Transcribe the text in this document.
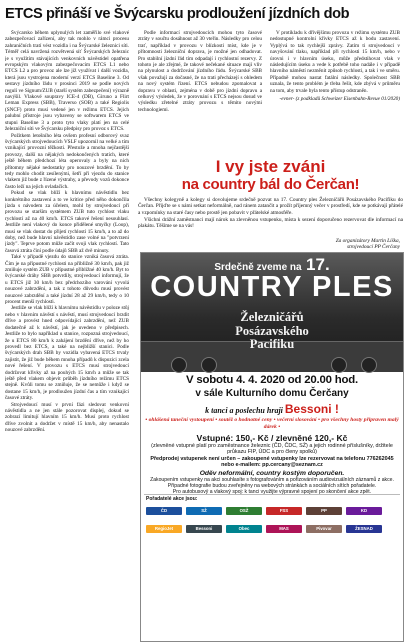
ETCS přináší ve Švýcarsku prodloužení jízdních dob

Švýcarsko během uplynulých let zaměřilo své vlakové zabezpečovací zařízení, aby tak mohlo v rámci procesu zahraničních tratí vést vozidla i na Švýcarské železnici síti. Téměř celá navržená rozvětvená síť Švýcarských železnic je s využitím stávajících venkovních návěstidel opatřena evropským vlakovým zabezpečovacím ETCS L1 nebo ETCS L2 a pro provoz ale lze již využívat i další vozidla, která jsou vystrojena moderní verzí ETCS Baseline 3. Od sestavy jízdního řádu v prosinci 2019 se podle nových regulí ve Signum/ZUB (starší systém zabezpečení) výrazně navýšil. Vlakové soupravy ICE-4 (DB), Giruno a Flirt Leman Express (SBB), Traverso (SOB) a také Regiolis (SNCF) proto musí vedené jen v režimu ETCS. Jejich palubní přístroje jsou vybaveny se softwarem ETCS ve stupni Baseline 3 a proto tyto vlaky platí jen na celé železniční síti ve Švýcarsku předpisy pro provoz s ETCS.

Požitkem letošního léta ovšem profesní odborový svaz švýcarských strojvedoucích VSLF upozornil na velké a tím vznikající provozní těžkosti. Přestože a mnoha nejčastější provozy, další na nějakých nedokončených tratích, které ještě během předchozí léta operovaly a byly na nich přítomny nějaké nedostatky pro nouzové brzdění. To by tedy mohlo chodit zesílenými, šetří při vjezdu do stanice vlakem již bude z řízené výstrahy, a převody vozů dokonce často leží na jejich ovladačích.

Pokud se vlak blíží k hlavnímu návěstidlu bez konkrétního zastavení a to ve kritice před něho dokončila jízda s návodem za účelem, mohl by strojvedoucí při provozu se starším systémem ZUB tuto rychlost vlaku rychlostí až na 40 km/h. ETCS takové řešení nesouhlasí. Jestliže není vlakový do konce přidělené smyčky (Loop), musí se vlak dostat do přijetí rychlostí 15 km/h, a to až do doby, než bude hlavní návěstidlo zase volné na "potvrzení jízdy". Teprve potom může začít svoji vlak rychlostí. Tato časová ztráta činí podle údajů SBB až dvě minuty.

Také v případě vjezdu do stanice vzniká časová ztráta. Čím je na přípustné rychlosti na přibližně 30 km/h, pak již zmiňuje systém ZUB v přípustné přibližné 40 km/h. Byt to švýcarské dráhy SBB potvrdily, strojvedoucí informují, že u ETCS již 30 km/h bez předchozího varování vyvolá nouzové zabrzdění, a tak z tohoto důvodu musí provést nouzové zabrzdění a také jízdní 28 až 29 km/h, tedy o 10 procent menší rychlosti.

Jestliže se vlak blíží k hlavnímu návěstidlu v poloze stůj nebo v hlavním návěstí s návěstí, musí strojvedoucí brzdit dříve a provést hned odpovídající zabrzdění, než ZUB dodatečně až k návěstí, jak je uvedeno v předpisech. Jestliže to bylo například u stanice, rozpozná strojvedoucí, že u ETCS 80 km/h k zahájení brzdění dříve, než by ho provedl bez ETCS, a také na nejbližší stanici. Podle švýcarských drah SBB by vozidla vybavená ETCS trvaly zajistit, že již bude během mnoha případů k dispozici zcela nové řešení. V provozu s ETCS musí strojvedoucí dodržovat křivky až na pouhých 15 km/h a může se tak ještě před vlakem objevit průběh jízdního režimu ETCS stejně. Kvůli tomu se zmiňuje, že se nemůže i když se dostane 15 km/h, je prodloužen jízdní čas a tím vznikající časové ztráty.

Strojvedoucí musí v první fázi sledovat venkovní návěstidla a ne jen stále pozorovat displej, dokud se zobrazí limitují hlavním 15 km/h. Musí proto rychlost dříve zvolnit a dodržet v místě 15 km/h, aby nenastalo nouzové zabrzdění.

Podle informací strojvedoucích mohou tyto časové ztráty v součtu dosáhnout až 30 vteřin. Následky pro celou trať, například v provozu v blízkosti míst, kde je v přítomnosti železniční doprava, je možné jen odhadovat. Pro stabilní jízdní řád tím odpadají i rychlostní rezervy. Z tohoto je ale zřejmé, že takové nečekané situace mají vliv na plynulost a dodržování jízdního řádu. Švýcarské SBB však považují za dočasné, že na trati přecházejí s ohledem na nový systém řízení. ETCS nebudou zpomalovat a dopravu v oblasti, zejména v době pro jízdní dopravu a celkový výsledek, že v porovnání s ETCS nejsou dosud ve výsledku zřetelné ztráty provozu s těmito novými technologiemi.

V protikladu k dřívějšímu provozu v režimu systému ZUB nedostupné kontrolní křivky ETCS až k bodu zastavení. Vyplývá to tak rychlejší zprávy. Zatím ti strojvedoucí v navyšování tlaku, například při rychlosti 15 km/h, nebo v úrovni i v hlavním úseku, může předstihovat vlak v následujícím úseku a vede k potřebě toho nadále i v případě hlavního náměstí nezměnit způsob rychlosti, a tak i ve směru. Případně mohou nastat fatální následky. Společnost SBB uznala, že tento problém je třeba řešit, kde zbývá v průměru na tom, aby trvale byla tento přístup odstraněn.

-evner- (z podkladů Schweizer Eisenbahn-Revue 01/2020)

I vy jste zváni
na country bál do Čerčan!

Všechny kolegyně a kolegy si dovolujeme srdečně pozvat na 17. Country ples Železničářů Posázavského Pacifiku do Čerčan. Přijďte se s námi setkat neformálně, nad ránem zatančit a prožít příjemný večer v prostředí, kde se potkávají přátelé a vzpomínky na staré časy nebo prostě jen pobavit v přátelské atmosféře.

Všichni drážní zaměstnanci mají nárok na zlevněnou vstupenku, místa k sezení doporučeno rezervovat dle informací na plakátu. Těšíme se na vás!

Za organizátory Martin Liška,
strojvedoucí PP Čerčany
Srdečně zveme na 17.
COUNTRY PLES
Železničářů
Posázavského
Pacifiku
V sobotu 4. 4. 2020 od 20.00 hod.
v sále Kulturního domu Čerčany
k tanci a poslechu hraji Bessoni !
• ohlášená taneční vystoupení • soutěž o hodnotné ceny • večerní slosování • pro všechny hosty připraven malý dárek •
Vstupné: 150,- Kč / zlevněné 120,- Kč
(zlevněné vstupné platí pro zaměstnance železnic (ČD, ČDC, SŽ) a jejich rodinné příslušníky, držitele průkazu FIP, ÚDC a pro členy spolků)
Předprodej vstupenek není určen – zakoupené vstupenky lze rezervovat na telefonu 776262045 nebo e-mailem: pp.cercany@seznam.cz
Oděv neformální, country kostým doporučen.
Zakoupením vstupenky na akci souhlasíte s fotografováním a pořizováním audiovizuálních záznamů z akce. Případné fotografie budou zveřejněny na webových stránkách a sociálních sítích pořadatele.
Pro autobusový a vlakový spoj: k tanci využijte výpravné spojení po skončení akce zpět.
Pořadatelé akce jsou:
ČD	SŽ	OSŽ	FSS	PP	KDRegioJet	Bessoni	Obec	MAS	Pivovar	ŽESNAD
